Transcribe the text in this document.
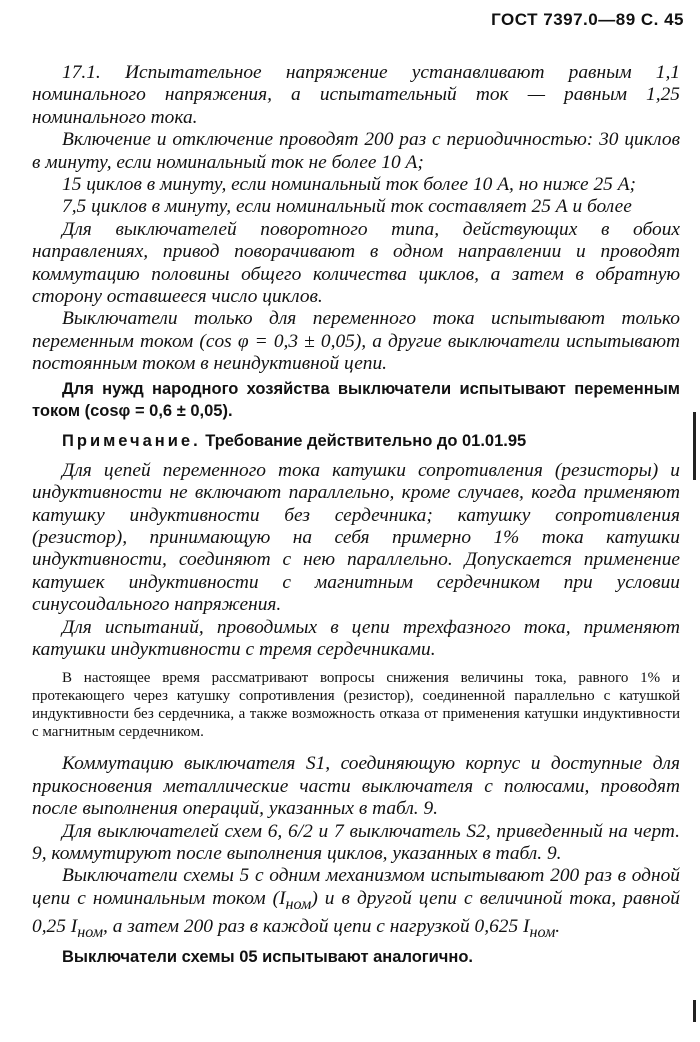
ГОСТ 7397.0—89 С. 45

17.1. Испытательное напряжение устанавливают равным 1,1 номинального напряжения, а испытательный ток — равным 1,25 номинального тока.

Включение и отключение проводят 200 раз с периодичностью: 30 циклов в минуту, если номинальный ток не более 10 А;

15 циклов в минуту, если номинальный ток более 10 А, но ниже 25 А;

7,5 циклов в минуту, если номинальный ток составляет 25 А и более

Для выключателей поворотного типа, действующих в обоих направлениях, привод поворачивают в одном направлении и проводят коммутацию половины общего количества циклов, а затем в обратную сторону оставшееся число циклов.

Выключатели только для переменного тока испытывают только переменным током (cos φ = 0,3 ± 0,05), а другие выключатели испытывают постоянным током в неиндуктивной цепи.

Для нужд народного хозяйства выключатели испытывают переменным током (cosφ = 0,6 ± 0,05).

Примечание. Требование действительно до 01.01.95

Для цепей переменного тока катушки сопротивления (резисторы) и индуктивности не включают параллельно, кроме случаев, когда применяют катушку индуктивности без сердечника; катушку сопротивления (резистор), принимающую на себя примерно 1% тока катушки индуктивности, соединяют с нею параллельно. Допускается применение катушек индуктивности с магнитным сердечником при условии синусоидального напряжения.

Для испытаний, проводимых в цепи трехфазного тока, применяют катушки индуктивности с тремя сердечниками.

В настоящее время рассматривают вопросы снижения величины тока, равного 1% и протекающего через катушку сопротивления (резистор), соединенной параллельно с катушкой индуктивности без сердечника, а также возможность отказа от применения катушки индуктивности с магнитным сердечником.

Коммутацию выключателя S1, соединяющую корпус и доступные для прикосновения металлические части выключателя с полюсами, проводят после выполнения операций, указанных в табл. 9.

Для выключателей схем 6, 6/2 и 7 выключатель S2, приведенный на черт. 9, коммутируют после выполнения циклов, указанных в табл. 9.

Выключатели схемы 5 с одним механизмом испытывают 200 раз в одной цепи с номинальным током $(I_{ном})$ и в другой цепи с величиной тока, равной 0,25 $I_{ном}$, а затем 200 раз в каждой цепи с нагрузкой 0,625 $I_{ном}$.

Выключатели схемы 05 испытывают аналогично.
